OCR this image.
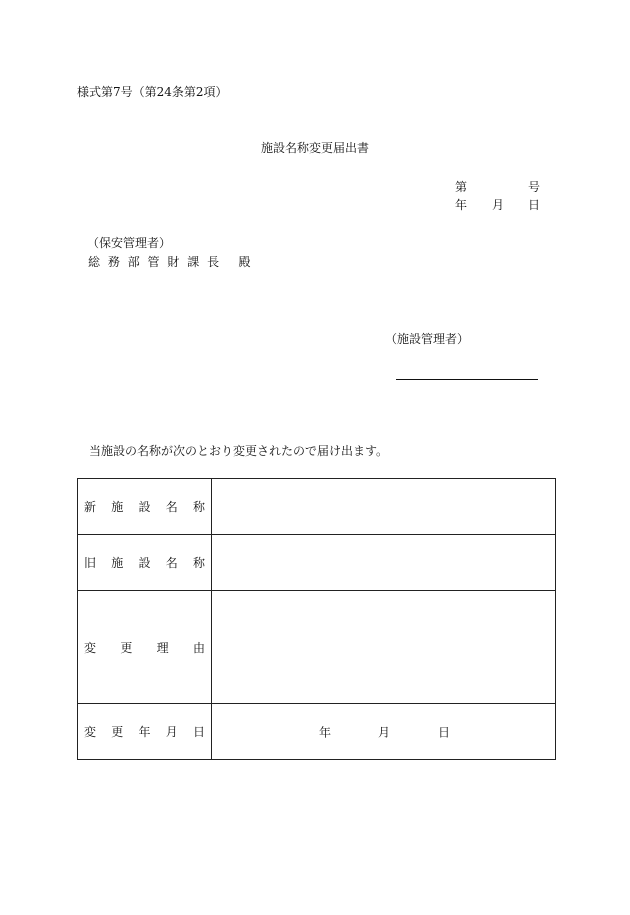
様式第7号（第24条第2項）
施設名称変更届出書
第	号
年 月 日
（保安管理者）
総 務 部 管 財 課 長 殿
（施設管理者）
当施設の名称が次のとおり変更されたので届け出ます。
新 施 設 名 称	

旧 施 設 名 称	

変 更 理 由	

変 更 年 月 日	年 月 日
